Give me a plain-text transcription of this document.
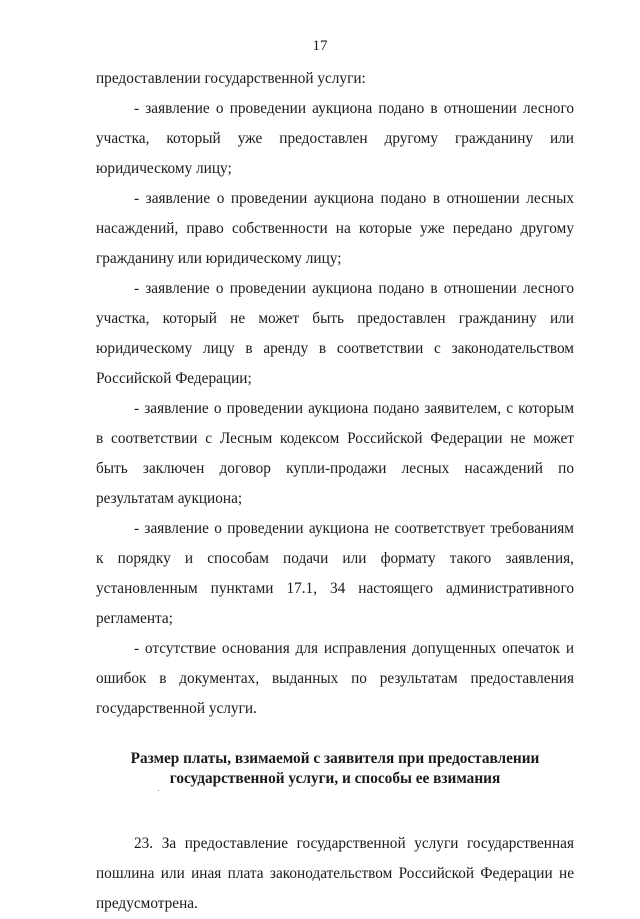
17

предоставлении государственной услуги:

- заявление о проведении аукциона подано в отношении лесного участка, который уже предоставлен другому гражданину или юридическому лицу;

- заявление о проведении аукциона подано в отношении лесных насаждений, право собственности на которые уже передано другому гражданину или юридическому лицу;

- заявление о проведении аукциона подано в отношении лесного участка, который не может быть предоставлен гражданину или юридическому лицу в аренду в соответствии с законодательством Российской Федерации;

- заявление о проведении аукциона подано заявителем, с которым в соответствии с Лесным кодексом Российской Федерации не может быть заключен договор купли-продажи лесных насаждений по результатам аукциона;

- заявление о проведении аукциона не соответствует требованиям к порядку и способам подачи или формату такого заявления, установленным пунктами 17.1, 34 настоящего административного регламента;

- отсутствие основания для исправления допущенных опечаток и ошибок в документах, выданных по результатам предоставления государственной услуги.

Размер платы, взимаемой с заявителя при предоставлении
государственной услуги, и способы ее взимания

23. За предоставление государственной услуги государственная пошлина или иная плата законодательством Российской Федерации не предусмотрена.
